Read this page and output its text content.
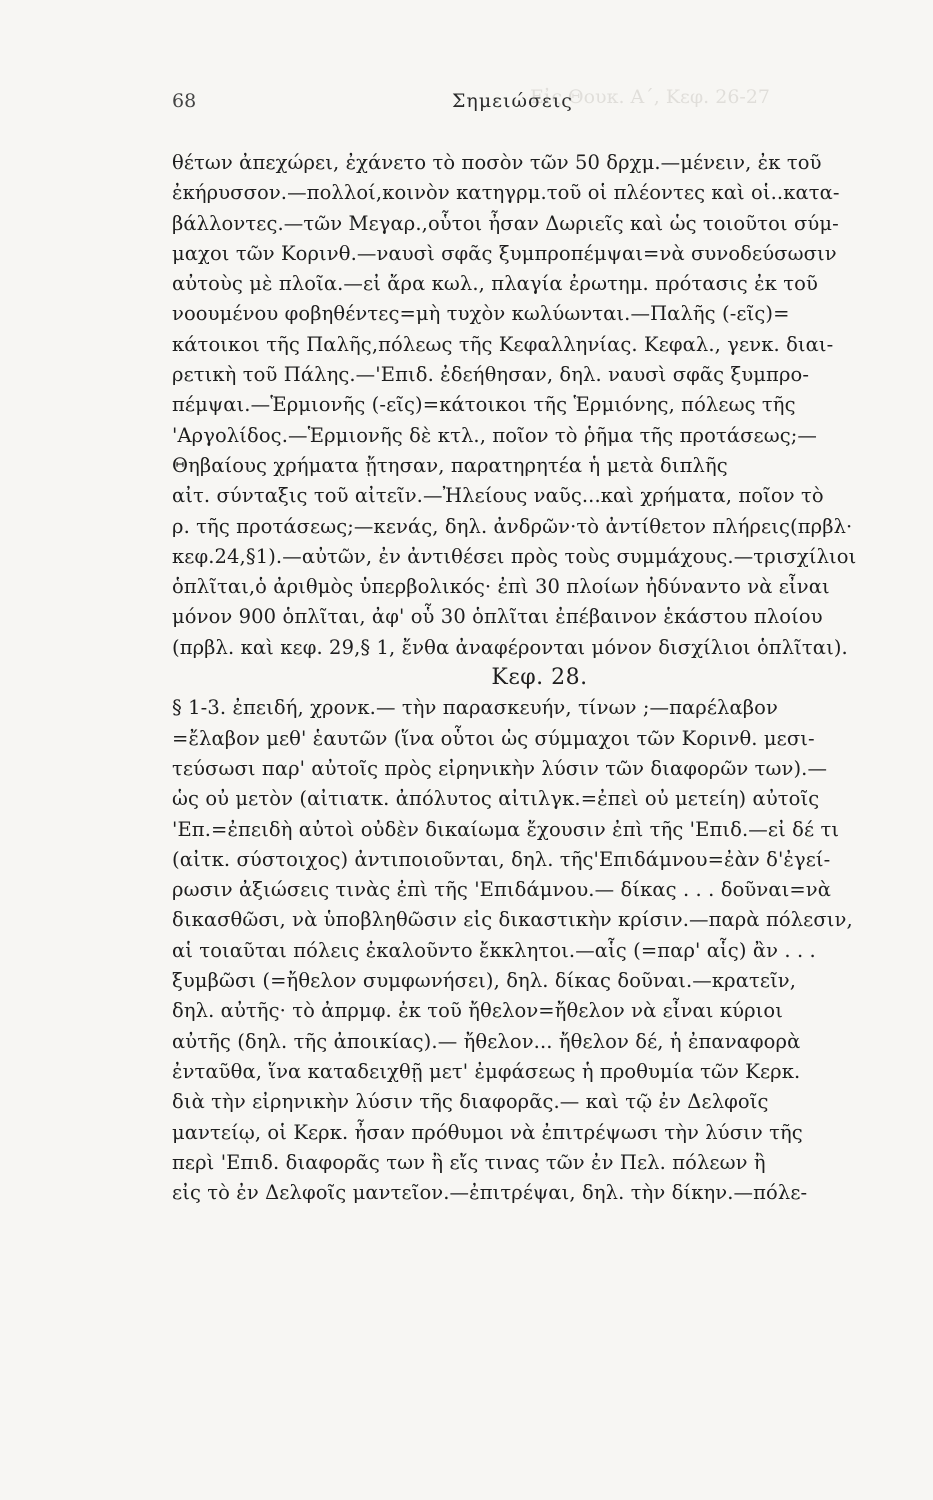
Εἰς Θουκ. Α΄, Κεφ. 26-27
68	Σημειώσεις
θέτων ἀπεχώρει, ἐχάνετο τὸ ποσὸν τῶν 50 δρχμ.—μένειν, ἐκ τοῦ
ἐκήρυσσον.—πολλοί,κοινὸν κατηγρμ.τοῦ οἱ πλέοντες καὶ οἱ..κατα-
βάλλοντες.—τῶν Μεγαρ.,οὗτοι ἦσαν Δωριεῖς καὶ ὡς τοιοῦτοι σύμ-
μαχοι τῶν Κορινθ.—ναυσὶ σφᾶς ξυμπροπέμψαι=νὰ συνοδεύσωσιν
αὐτοὺς μὲ πλοῖα.—εἰ ἄρα κωλ., πλαγία ἐρωτημ. πρότασις ἐκ τοῦ
νοουμένου φοβηθέντες=μὴ τυχὸν κωλύωνται.—Παλῆς (-εῖς)=
κάτοικοι τῆς Παλῆς,πόλεως τῆς Κεφαλληνίας. Κεφαλ., γενκ. διαι-
ρετικὴ τοῦ Πάλης.—'Επιδ. ἐδεήθησαν, δηλ. ναυσὶ σφᾶς ξυμπρο-
πέμψαι.—Ἑρμιονῆς (-εῖς)=κάτοικοι τῆς Ἑρμιόνης, πόλεως τῆς
'Αργολίδος.—Ἑρμιονῆς δὲ κτλ., ποῖον τὸ ῥῆμα τῆς προτάσεως;—
Θηβαίους χρήματα ᾔτησαν, παρατηρητέα ἡ μετὰ διπλῆς
αἰτ. σύνταξις τοῦ αἰτεῖν.—Ἠλείους ναῦς...καὶ χρήματα, ποῖον τὸ
ρ. τῆς προτάσεως;—κενάς, δηλ. ἀνδρῶν·τὸ ἀντίθετον πλήρεις(πρβλ·
κεφ.24,§1).—αὐτῶν, ἐν ἀντιθέσει πρὸς τοὺς συμμάχους.—τρισχίλιοι
ὁπλῖται,ὁ ἀριθμὸς ὑπερβολικός· ἐπὶ 30 πλοίων ἠδύναντο νὰ εἶναι
μόνον 900 ὁπλῖται, ἀφ' οὗ 30 ὁπλῖται ἐπέβαινον ἑκάστου πλοίου
(πρβλ. καὶ κεφ. 29,§ 1, ἔνθα ἀναφέρονται μόνον δισχίλιοι ὁπλῖται).
Κεφ. 28.
§ 1-3. ἐπειδή, χρονκ.— τὴν παρασκευήν, τίνων ;—παρέλαβον
=ἔλαβον μεθ' ἑαυτῶν (ἵνα οὗτοι ὡς σύμμαχοι τῶν Κορινθ. μεσι-
τεύσωσι παρ' αὐτοῖς πρὸς εἰρηνικὴν λύσιν τῶν διαφορῶν των).—
ὡς οὐ μετὸν (αἰτιατκ. ἀπόλυτος αἰτιλγκ.=ἐπεὶ οὐ μετείη) αὐτοῖς
'Επ.=ἐπειδὴ αὐτοὶ οὐδὲν δικαίωμα ἔχουσιν ἐπὶ τῆς 'Επιδ.—εἰ δέ τι
(αἰτκ. σύστοιχος) ἀντιποιοῦνται, δηλ. τῆς'Επιδάμνου=ἐὰν δ'ἐγεί-
ρωσιν ἀξιώσεις τινὰς ἐπὶ τῆς 'Επιδάμνου.— δίκας . . . δοῦναι=νὰ
δικασθῶσι, νὰ ὑποβληθῶσιν εἰς δικαστικὴν κρίσιν.—παρὰ πόλεσιν,
αἱ τοιαῦται πόλεις ἐκαλοῦντο ἔκκλητοι.—αἷς (=παρ' αἷς) ἂν . . .
ξυμβῶσι (=ἤθελον συμφωνήσει), δηλ. δίκας δοῦναι.—κρατεῖν,
δηλ. αὐτῆς· τὸ ἀπρμφ. ἐκ τοῦ ἤθελον=ἤθελον νὰ εἶναι κύριοι
αὐτῆς (δηλ. τῆς ἀποικίας).— ἤθελον... ἤθελον δέ, ἡ ἐπαναφορὰ
ἐνταῦθα, ἵνα καταδειχθῇ μετ' ἐμφάσεως ἡ προθυμία τῶν Κερκ.
διὰ τὴν εἰρηνικὴν λύσιν τῆς διαφορᾶς.— καὶ τῷ ἐν Δελφοῖς
μαντείῳ, οἱ Κερκ. ἦσαν πρόθυμοι νὰ ἐπιτρέψωσι τὴν λύσιν τῆς
περὶ 'Επιδ. διαφορᾶς των ἢ εἴς τινας τῶν ἐν Πελ. πόλεων ἢ
εἰς τὸ ἐν Δελφοῖς μαντεῖον.—ἐπιτρέψαι, δηλ. τὴν δίκην.—πόλε-
